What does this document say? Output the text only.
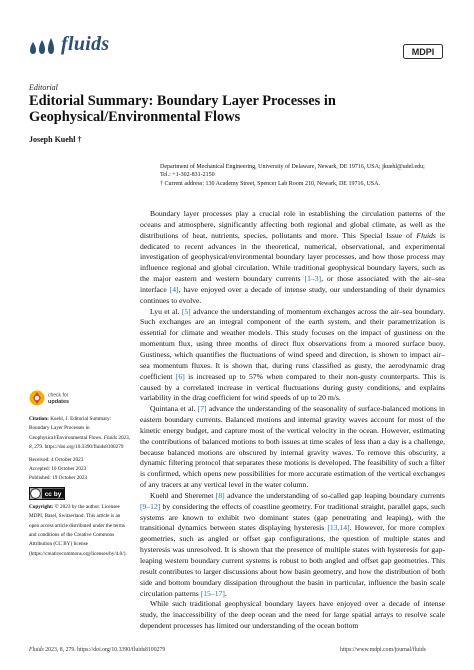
fluids	MDPI
Editorial
Editorial Summary: Boundary Layer Processes in Geophysical/Environmental Flows
Joseph Kuehl †
Department of Mechanical Engineering, University of Delaware, Newark, DE 19716, USA; jkuehl@udel.edu;
Tel.: +1-302-831-2150
† Current address: 130 Academy Street, Spencer Lab Room 210, Newark, DE 19716, USA.
check for
updates
Citation: Kuehl, J. Editorial Summary: Boundary Layer Processes in Geophysical/Environmental Flows. Fluids 2023, 8, 279. https://doi.org/10.3390/fluids8100279
Received: 4 October 2023
Accepted: 10 October 2023
Published: 19 October 2023
cc by
Copyright: © 2023 by the author. Licensee MDPI, Basel, Switzerland. This article is an open access article distributed under the terms and conditions of the Creative Commons Attribution (CC BY) license (https://creativecommons.org/licenses/by/4.0/).

Boundary layer processes play a crucial role in establishing the circulation patterns of the oceans and atmosphere, significantly affecting both regional and global climate, as well as the distributions of heat, nutrients, species, pollutants and more. This Special Issue of Fluids is dedicated to recent advances in the theoretical, numerical, observational, and experimental investigation of geophysical/environmental boundary layer processes, and how those process may influence regional and global circulation. While traditional geophysical boundary layers, such as the major eastern and western boundary currents [1–3], or those associated with the air–sea interface [4], have enjoyed over a decade of intense study, our understanding of their dynamics continues to evolve.

Lyu et al. [5] advance the understanding of momentum exchanges across the air–sea boundary. Such exchanges are an integral component of the earth system, and their parametrization is essential for climate and weather models. This study focuses on the impact of gustiness on the momentum flux, using three months of direct flux observations from a moored surface buoy. Gustiness, which quantifies the fluctuations of wind speed and direction, is shown to impact air–sea momentum fluxes. It is shown that, during runs classified as gusty, the aerodynamic drag coefficient [6] is increased up to 57% when compared to their non-gusty counterparts. This is caused by a correlated increase in vertical fluctuations during gusty conditions, and explains variability in the drag coefficient for wind speeds of up to 20 m/s.

Quintana et al. [7] advance the understanding of the seasonality of surface-balanced motions in eastern boundary currents. Balanced motions and internal gravity waves account for most of the kinetic energy budget, and capture most of the vertical velocity in the ocean. However, estimating the contributions of balanced motions to both issues at time scales of less than a day is a challenge, because balanced motions are obscured by internal gravity waves. To remove this obscurity, a dynamic filtering protocol that separates these motions is developed. The feasibility of such a filter is confirmed, which opens new possibilities for more accurate estimation of the vertical exchanges of any tracers at any vertical level in the water column.

Kuehl and Sheremet [8] advance the understanding of so-called gap leaping boundary currents [9–12] by considering the effects of coastline geometry. For traditional straight, parallel gaps, such systems are known to exhibit two dominant states (gap penetrating and leaping), with the transitional dynamics between states displaying hysteresis [13,14]. However, for more complex geometries, such as angled or offset gap configurations, the question of multiple states and hysteresis was unresolved. It is shown that the presence of multiple states with hysteresis for gap-leaping western boundary current systems is robust to both angled and offset gap geometries. This result contributes to larger discussions about how basin geometry, and how the distribution of both side and bottom boundary dissipation throughout the basin in particular, influence the basin scale circulation patterns [15–17].

While such traditional geophysical boundary layers have enjoyed over a decade of intense study, the inaccessibility of the deep ocean and the need for large spatial arrays to resolve scale dependent processes has limited our understanding of the ocean bottom

Fluids 2023, 8, 279. https://doi.org/10.3390/fluids8100279	https://www.mdpi.com/journal/fluids
